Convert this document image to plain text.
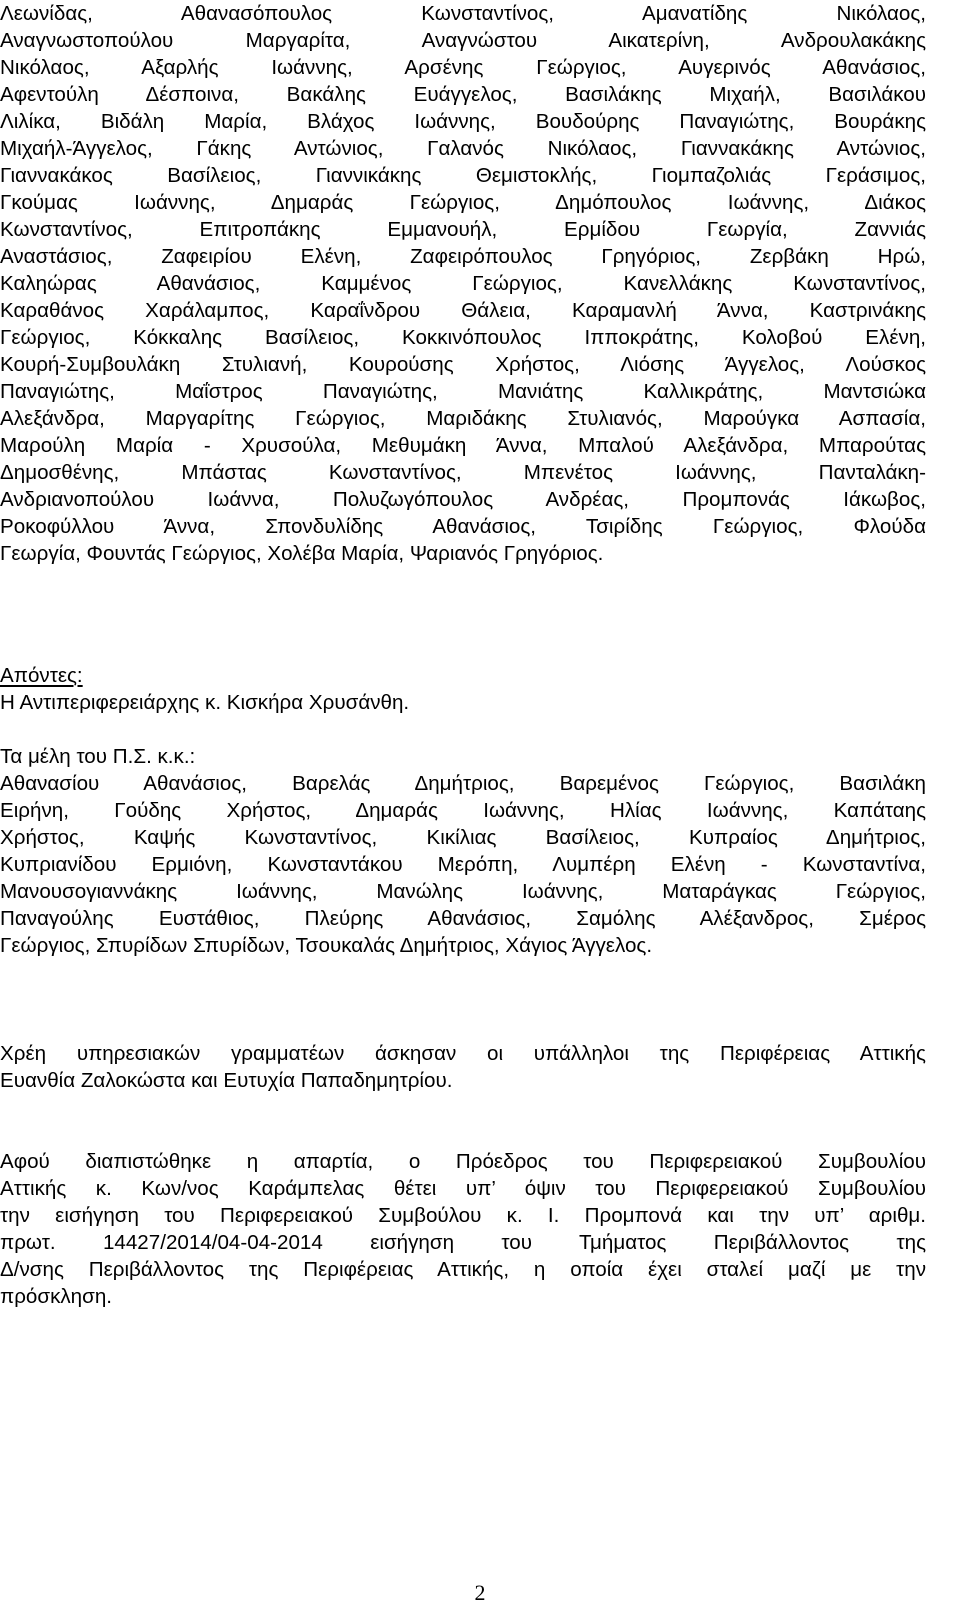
Λεωνίδας, Αθανασόπουλος Κωνσταντίνος, Αμανατίδης Νικόλαος,
Αναγνωστοπούλου Μαργαρίτα, Αναγνώστου Αικατερίνη, Ανδρουλακάκης
Νικόλαος, Αξαρλής Ιωάννης, Αρσένης Γεώργιος, Αυγερινός Αθανάσιος,
Αφεντούλη Δέσποινα, Βακάλης Ευάγγελος, Βασιλάκης Μιχαήλ, Βασιλάκου
Λιλίκα, Βιδάλη Μαρία, Βλάχος Ιωάννης, Βουδούρης Παναγιώτης, Βουράκης
Μιχαήλ-Άγγελος, Γάκης Αντώνιος, Γαλανός Νικόλαος, Γιαννακάκης Αντώνιος,
Γιαννακάκος Βασίλειος, Γιαννικάκης Θεμιστοκλής, Γιομπαζολιάς Γεράσιμος,
Γκούμας Ιωάννης, Δημαράς Γεώργιος, Δημόπουλος Ιωάννης, Διάκος
Κωνσταντίνος, Επιτροπάκης Εμμανουήλ, Ερμίδου Γεωργία, Ζαννιάς
Αναστάσιος, Ζαφειρίου Ελένη, Ζαφειρόπουλος Γρηγόριος, Ζερβάκη Ηρώ,
Καληώρας Αθανάσιος, Καμμένος Γεώργιος, Κανελλάκης Κωνσταντίνος,
Καραθάνος Χαράλαμπος, Καραΐνδρου Θάλεια, Καραμανλή Άννα, Καστρινάκης
Γεώργιος, Κόκκαλης Βασίλειος, Κοκκινόπουλος Ιπποκράτης, Κολοβού Ελένη,
Κουρή-Συμβουλάκη Στυλιανή, Κουρούσης Χρήστος, Λιόσης Άγγελος, Λούσκος
Παναγιώτης, Μαΐστρος Παναγιώτης, Μανιάτης Καλλικράτης, Μαντσιώκα
Αλεξάνδρα, Μαργαρίτης Γεώργιος, Μαριδάκης Στυλιανός, Μαρούγκα Ασπασία,
Μαρούλη Μαρία - Χρυσούλα, Μεθυμάκη Άννα, Μπαλού Αλεξάνδρα, Μπαρούτας
Δημοσθένης, Μπάστας Κωνσταντίνος, Μπενέτος Ιωάννης, Πανταλάκη-
Ανδριανοπούλου Ιωάννα, Πολυζωγόπουλος Ανδρέας, Προμπονάς Ιάκωβος,
Ροκοφύλλου Άννα, Σπονδυλίδης Αθανάσιος, Τσιρίδης Γεώργιος, Φλούδα
Γεωργία, Φουντάς Γεώργιος, Χολέβα Μαρία, Ψαριανός Γρηγόριος.
Απόντες:
Η Αντιπεριφερειάρχης κ. Κισκήρα Χρυσάνθη.
Τα μέλη του Π.Σ. κ.κ.:
Αθανασίου Αθανάσιος, Βαρελάς Δημήτριος, Βαρεμένος Γεώργιος, Βασιλάκη
Ειρήνη, Γούδης Χρήστος, Δημαράς Ιωάννης, Ηλίας Ιωάννης, Καπάταης
Χρήστος, Καψής Κωνσταντίνος, Κικίλιας Βασίλειος, Κυπραίος Δημήτριος,
Κυπριανίδου Ερμιόνη, Κωνσταντάκου Μερόπη, Λυμπέρη Ελένη - Κωνσταντίνα,
Μανουσογιαννάκης Ιωάννης, Μανώλης Ιωάννης, Ματαράγκας Γεώργιος,
Παναγούλης Ευστάθιος, Πλεύρης Αθανάσιος, Σαμόλης Αλέξανδρος, Σμέρος
Γεώργιος, Σπυρίδων Σπυρίδων, Τσουκαλάς Δημήτριος, Χάγιος Άγγελος.
Χρέη υπηρεσιακών γραμματέων άσκησαν οι υπάλληλοι της Περιφέρειας Αττικής
Ευανθία Ζαλοκώστα και Ευτυχία Παπαδημητρίου.
Αφού διαπιστώθηκε η απαρτία, ο Πρόεδρος του Περιφερειακού Συμβουλίου
Αττικής κ. Κων/νος Καράμπελας θέτει υπ’ όψιν του Περιφερειακού Συμβουλίου
την εισήγηση του Περιφερειακού Συμβούλου κ. Ι. Προμπονά και την υπ’ αριθμ.
πρωτ. 14427/2014/04-04-2014 εισήγηση του Τμήματος Περιβάλλοντος της
Δ/νσης Περιβάλλοντος της Περιφέρειας Αττικής, η οποία έχει σταλεί μαζί με την
πρόσκληση.
2
